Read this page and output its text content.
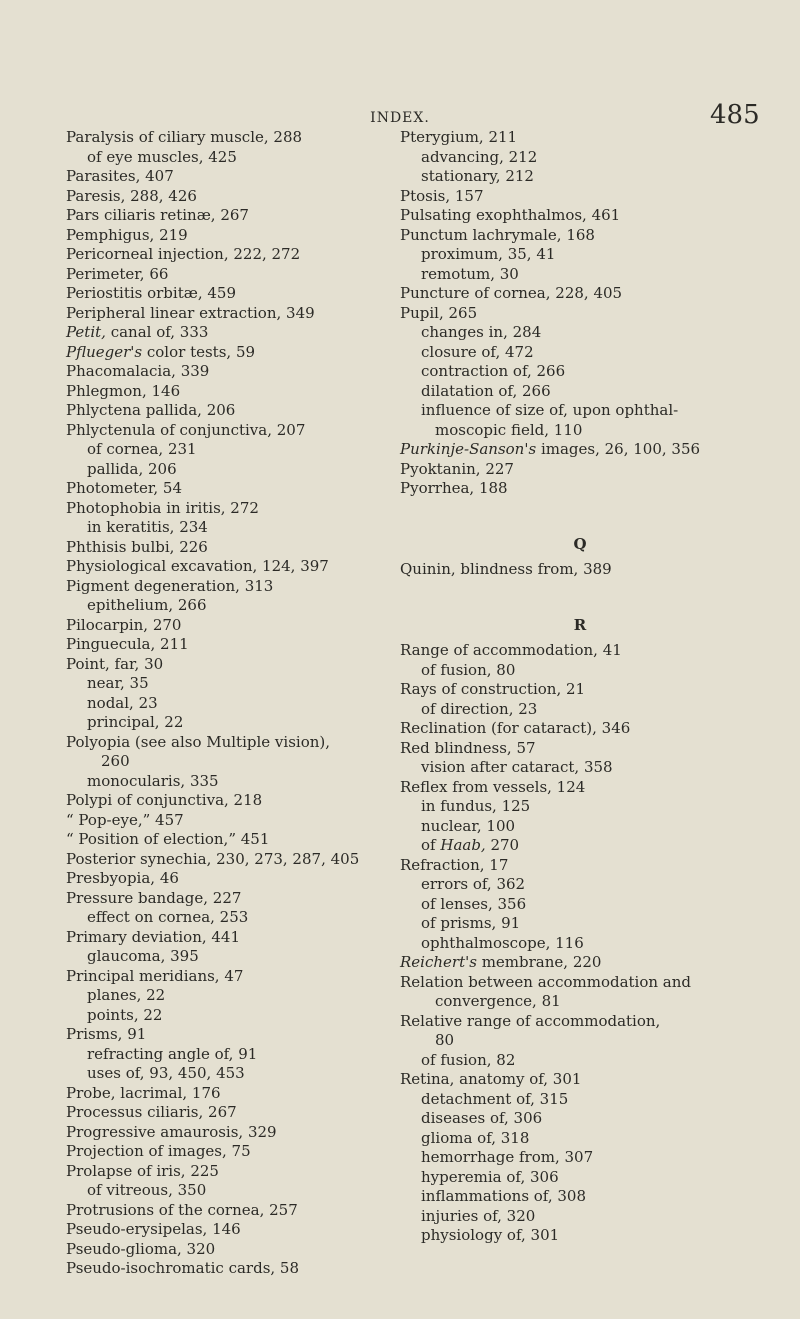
INDEX.	485
Paralysis of ciliary muscle, 288
of eye muscles, 425
Parasites, 407
Paresis, 288, 426
Pars ciliaris retinæ, 267
Pemphigus, 219
Pericorneal injection, 222, 272
Perimeter, 66
Periostitis orbitæ, 459
Peripheral linear extraction, 349
Petit, canal of, 333
Pflueger's color tests, 59
Phacomalacia, 339
Phlegmon, 146
Phlyctena pallida, 206
Phlyctenula of conjunctiva, 207
of cornea, 231
pallida, 206
Photometer, 54
Photophobia in iritis, 272
in keratitis, 234
Phthisis bulbi, 226
Physiological excavation, 124, 397
Pigment degeneration, 313
epithelium, 266
Pilocarpin, 270
Pinguecula, 211
Point, far, 30
near, 35
nodal, 23
principal, 22
Polyopia (see also Multiple vision),
260
monocularis, 335
Polypi of conjunctiva, 218
“ Pop-eye,” 457
“ Position of election,” 451
Posterior synechia, 230, 273, 287, 405
Presbyopia, 46
Pressure bandage, 227
effect on cornea, 253
Primary deviation, 441
glaucoma, 395
Principal meridians, 47
planes, 22
points, 22
Prisms, 91
refracting angle of, 91
uses of, 93, 450, 453
Probe, lacrimal, 176
Processus ciliaris, 267
Progressive amaurosis, 329
Projection of images, 75
Prolapse of iris, 225
of vitreous, 350
Protrusions of the cornea, 257
Pseudo-erysipelas, 146
Pseudo-glioma, 320
Pseudo-isochromatic cards, 58
Pterygium, 211
advancing, 212
stationary, 212
Ptosis, 157
Pulsating exophthalmos, 461
Punctum lachrymale, 168
proximum, 35, 41
remotum, 30
Puncture of cornea, 228, 405
Pupil, 265
changes in, 284
closure of, 472
contraction of, 266
dilatation of, 266
influence of size of, upon ophthal-
moscopic field, 110
Purkinje-Sanson's images, 26, 100, 356
Pyoktanin, 227
Pyorrhea, 188
Q
Quinin, blindness from, 389
R
Range of accommodation, 41
of fusion, 80
Rays of construction, 21
of direction, 23
Reclination (for cataract), 346
Red blindness, 57
vision after cataract, 358
Reflex from vessels, 124
in fundus, 125
nuclear, 100
of Haab, 270
Refraction, 17
errors of, 362
of lenses, 356
of prisms, 91
ophthalmoscope, 116
Reichert's membrane, 220
Relation between accommodation and
convergence, 81
Relative range of accommodation,
80
of fusion, 82
Retina, anatomy of, 301
detachment of, 315
diseases of, 306
glioma of, 318
hemorrhage from, 307
hyperemia of, 306
inflammations of, 308
injuries of, 320
physiology of, 301
